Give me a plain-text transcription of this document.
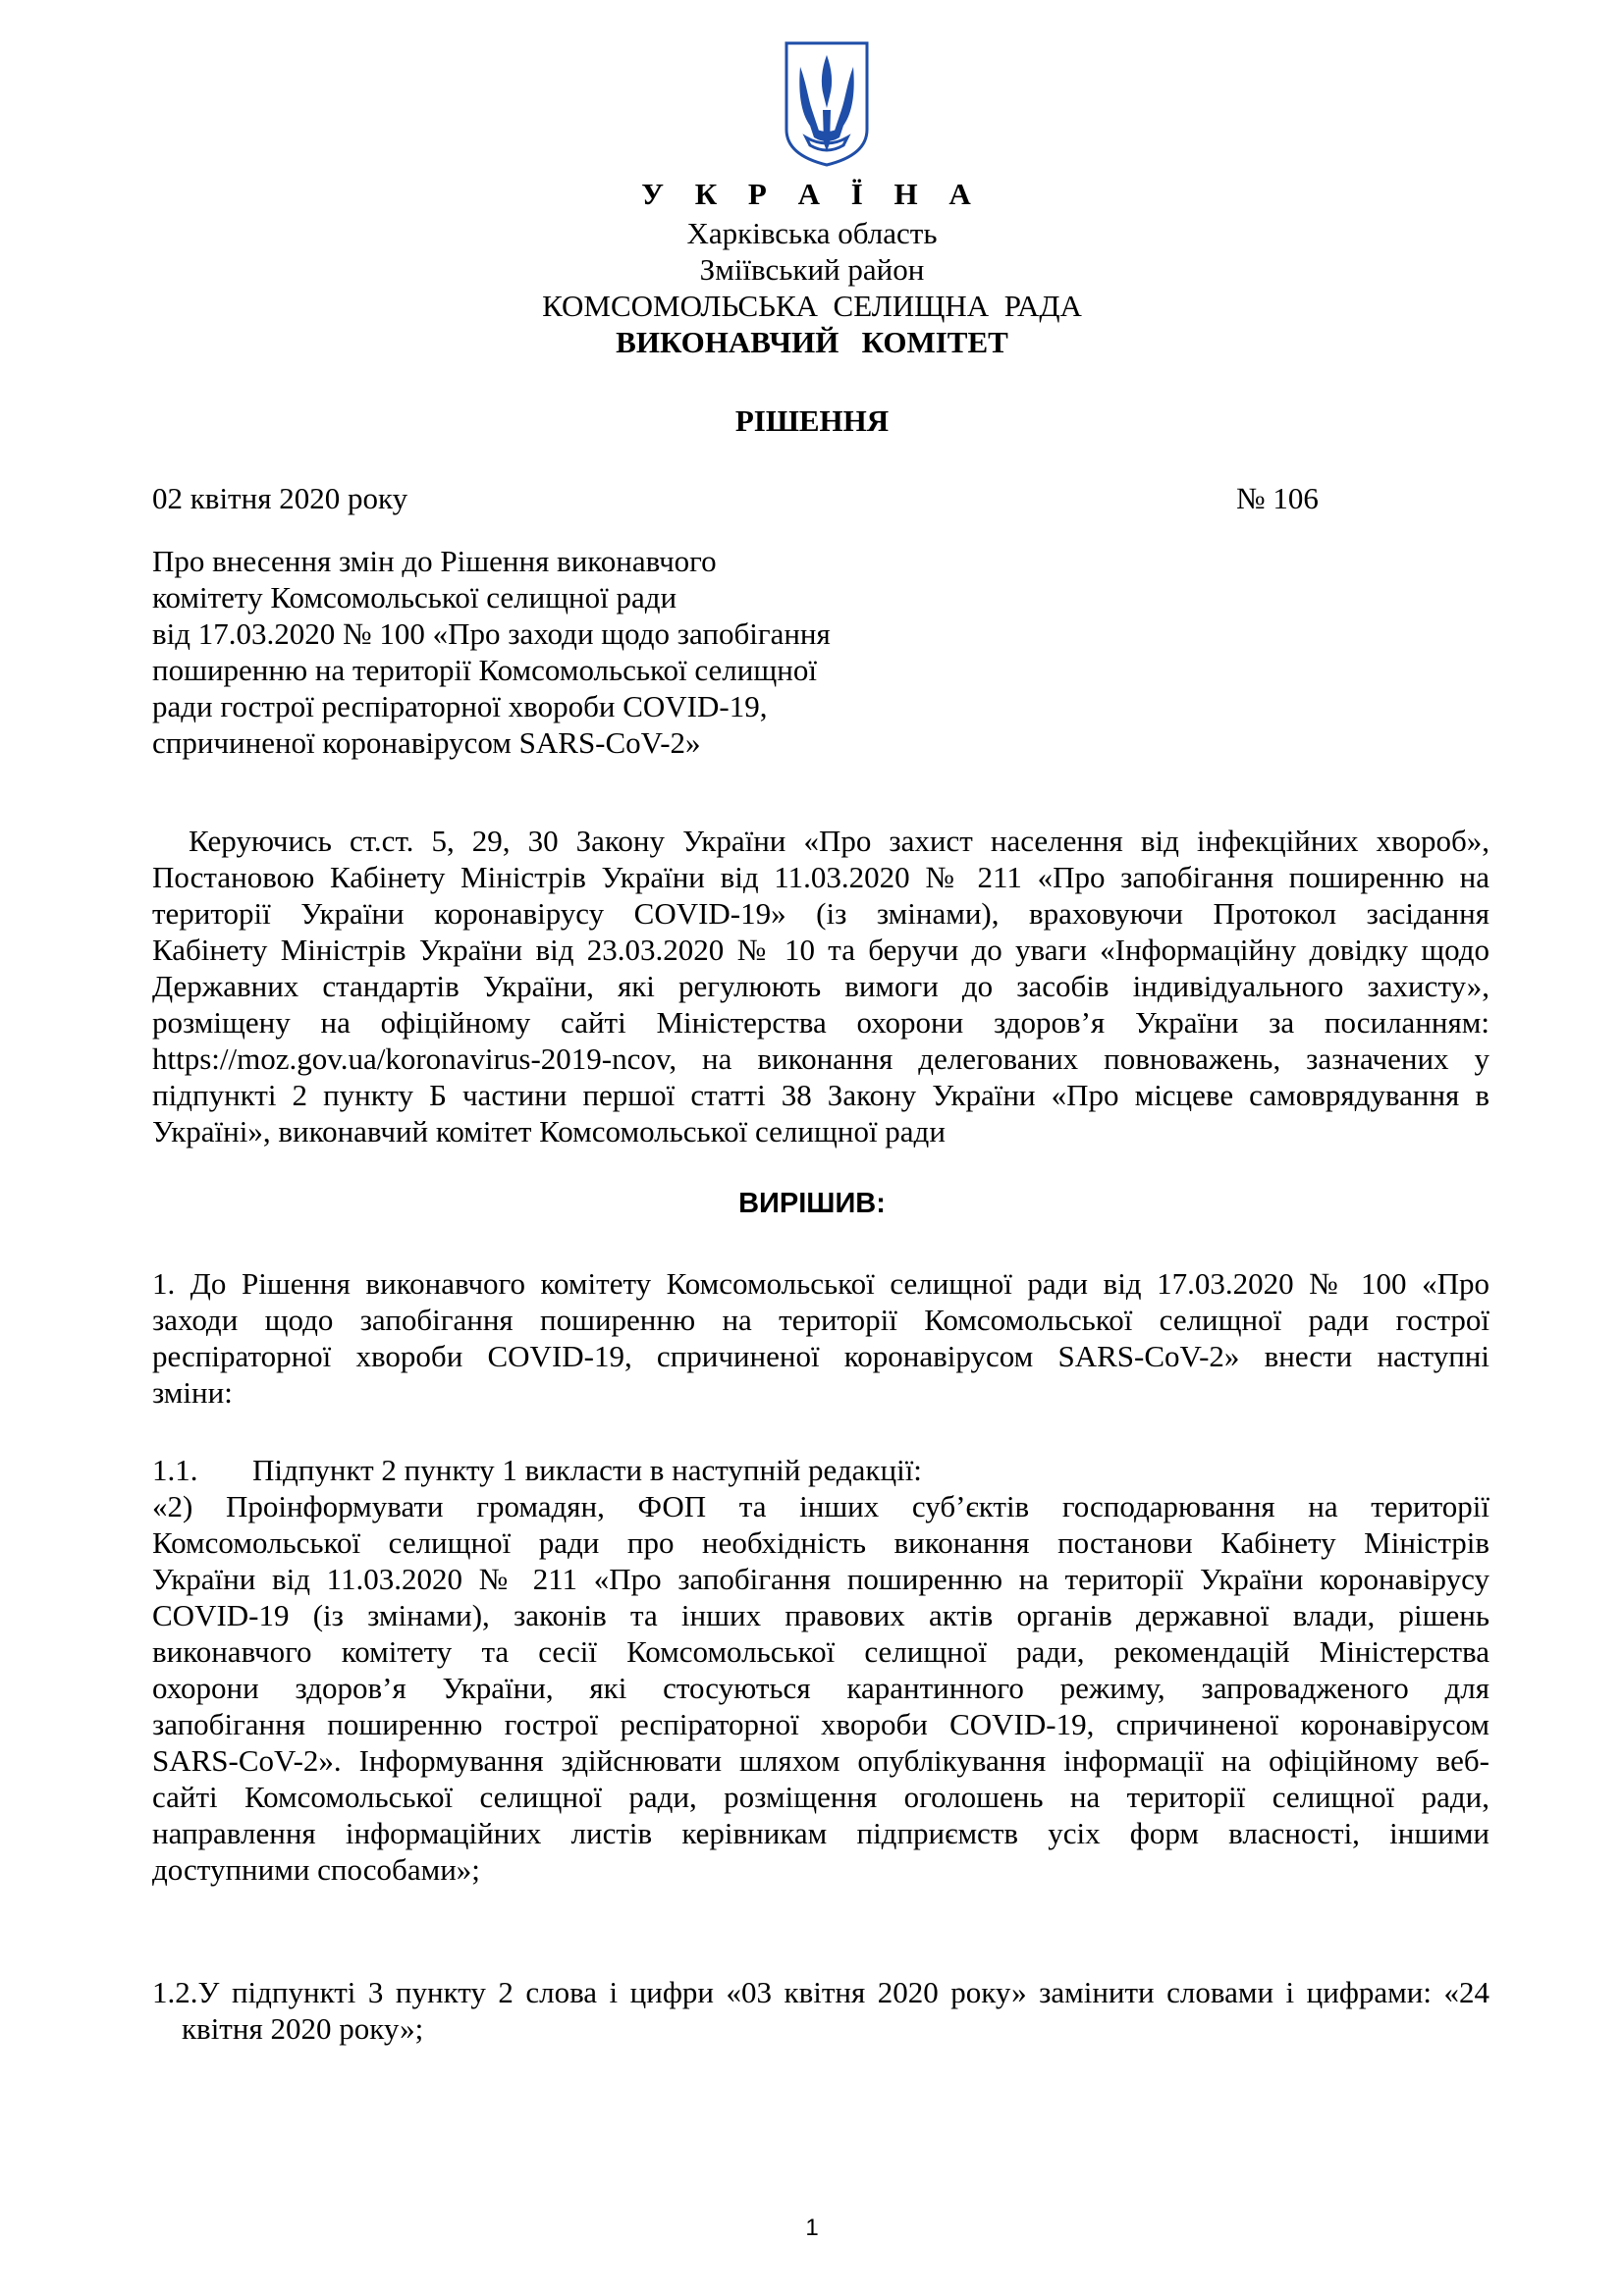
У К Р А Ї Н А
Харківська область
Зміївський район
КОМСОМОЛЬСЬКА  СЕЛИЩНА  РАДА
ВИКОНАВЧИЙ   КОМІТЕТ
РІШЕННЯ
02 квітня 2020 року	№ 106
Про внесення змін до Рішення виконавчого
комітету Комсомольської селищної ради
від 17.03.2020 № 100 «Про заходи щодо запобігання
поширенню на території Комсомольської селищної
ради гострої респіраторної хвороби COVID-19,
спричиненої коронавірусом SARS-CoV-2»
Керуючись ст.ст. 5, 29, 30 Закону України «Про захист населення від інфекційних хвороб»,
Постановою Кабінету Міністрів України від 11.03.2020 № 211 «Про запобігання поширенню на
території України коронавірусу COVID-19» (із змінами), враховуючи Протокол засідання
Кабінету Міністрів України від 23.03.2020 № 10 та беручи до уваги «Інформаційну довідку щодо
Державних стандартів України, які регулюють вимоги до засобів індивідуального захисту»,
розміщену на офіційному сайті Міністерства охорони здоров’я України за посиланням:
https://moz.gov.ua/koronavirus-2019-ncov, на виконання делегованих повноважень, зазначених у
підпункті 2 пункту Б частини першої статті 38 Закону України «Про місцеве самоврядування в
Україні», виконавчий комітет Комсомольської селищної ради
ВИРІШИВ:
1. До Рішення виконавчого комітету Комсомольської селищної ради від 17.03.2020 № 100 «Про
заходи щодо запобігання поширенню на території Комсомольської селищної ради гострої
респіраторної хвороби COVID-19, спричиненої коронавірусом SARS-CoV-2» внести наступні
зміни:
1.1. Підпункт 2 пункту 1 викласти в наступній редакції:
«2) Проінформувати громадян, ФОП та інших суб’єктів господарювання на території
Комсомольської селищної ради про необхідність виконання постанови Кабінету Міністрів
України від 11.03.2020 № 211 «Про запобігання поширенню на території України коронавірусу
COVID-19 (із змінами), законів та інших правових актів органів державної влади, рішень
виконавчого комітету та сесії Комсомольської селищної ради, рекомендацій Міністерства
охорони здоров’я України, які стосуються карантинного режиму, запровадженого для
запобігання поширенню гострої респіраторної хвороби COVID-19, спричиненої коронавірусом
SARS-CoV-2». Інформування здійснювати шляхом опублікування інформації на офіційному веб-
сайті Комсомольської селищної ради, розміщення оголошень на території селищної ради,
направлення інформаційних листів керівникам підприємств усіх форм власності, іншими
доступними способами»;
1.2.У підпункті 3 пункту 2 слова і цифри «03 квітня 2020 року» замінити словами і цифрами: «24
квітня 2020 року»;
1
